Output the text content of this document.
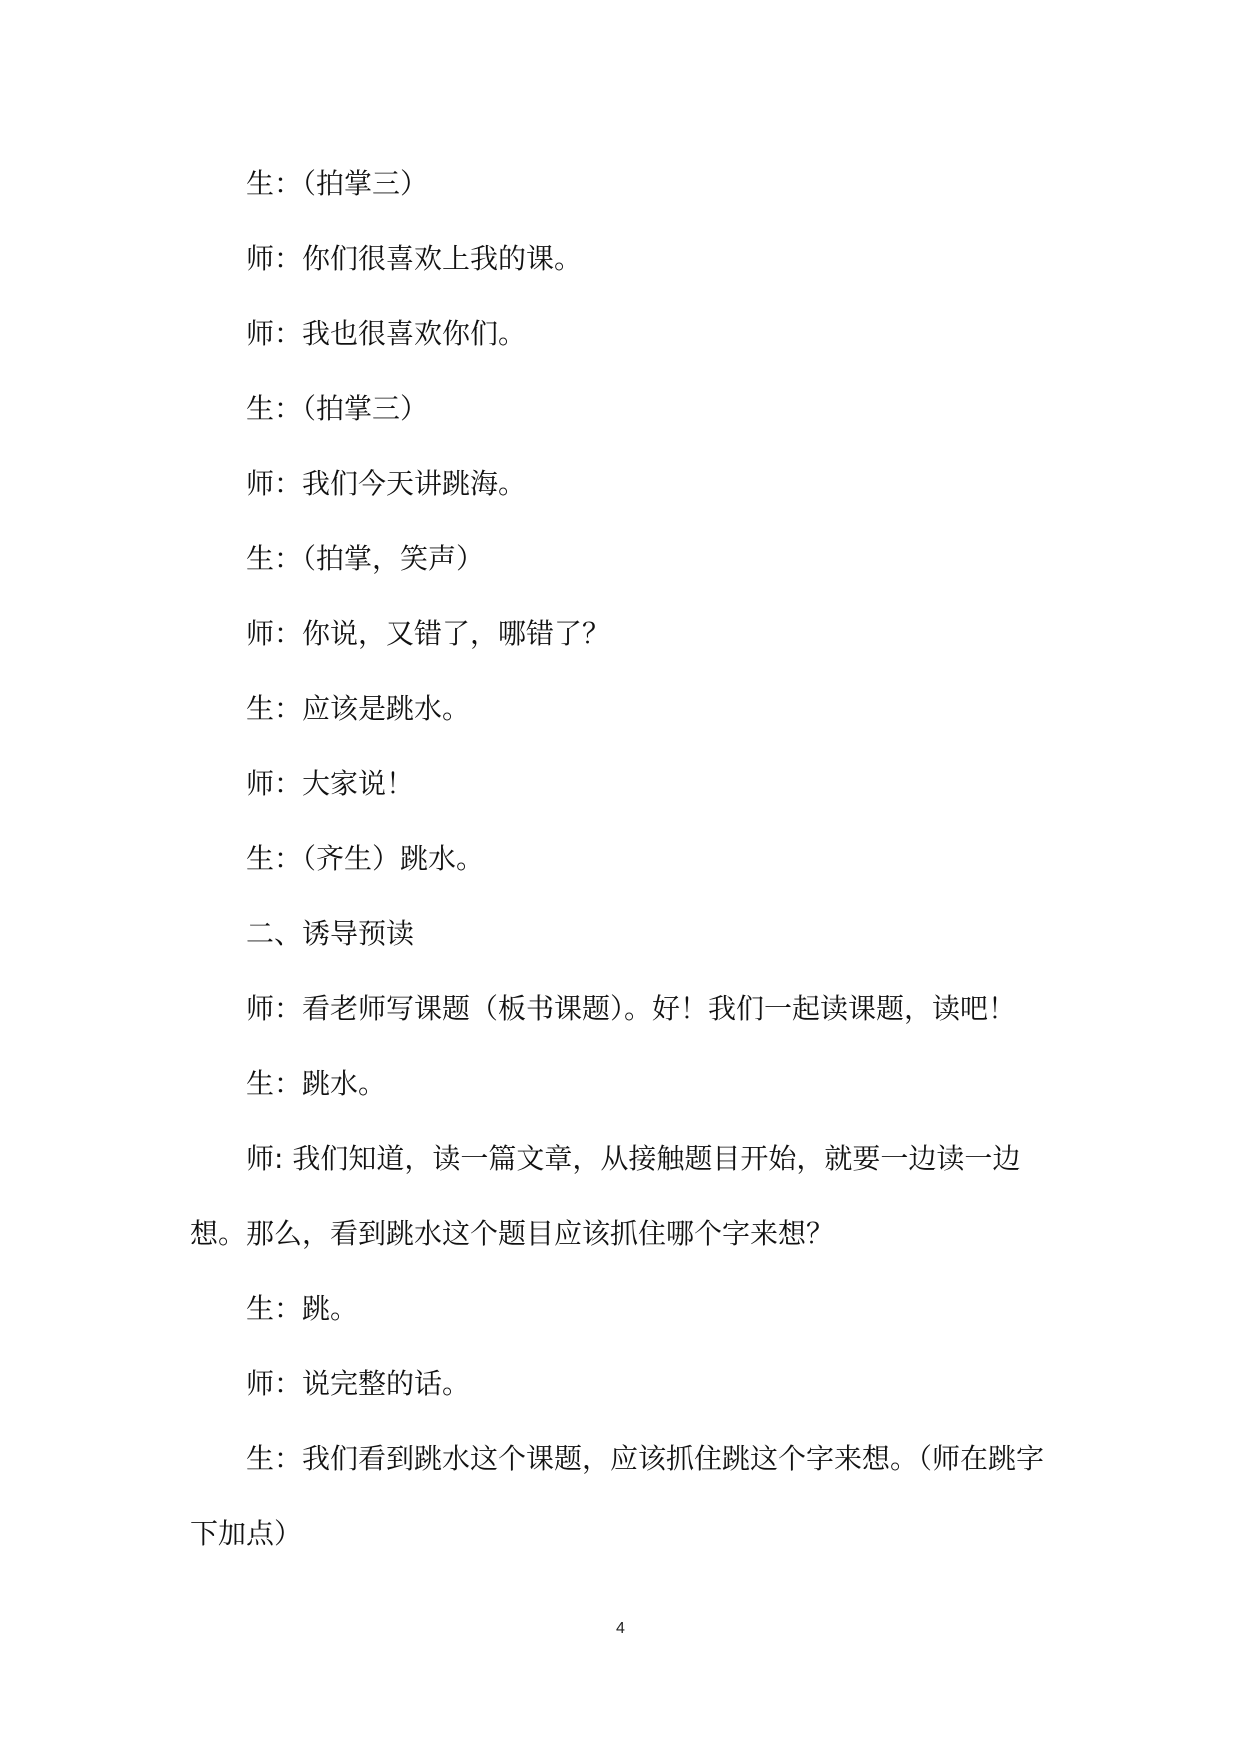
生：（拍掌三）

师：你们很喜欢上我的课。

师：我也很喜欢你们。

生：（拍掌三）

师：我们今天讲跳海。

生：（拍掌，笑声）

师：你说，又错了，哪错了？

生：应该是跳水。

师：大家说！

生：（齐生）跳水。

二、诱导预读

师：看老师写课题（板书课题）。好！我们一起读课题，读吧！

生：跳水。

师: 我们知道，读一篇文章，从接触题目开始，就要一边读一边想。那么，看到跳水这个题目应该抓住哪个字来想？

生：跳。

师：说完整的话。

生：我们看到跳水这个课题，应该抓住跳这个字来想。（师在跳字下加点）

4
